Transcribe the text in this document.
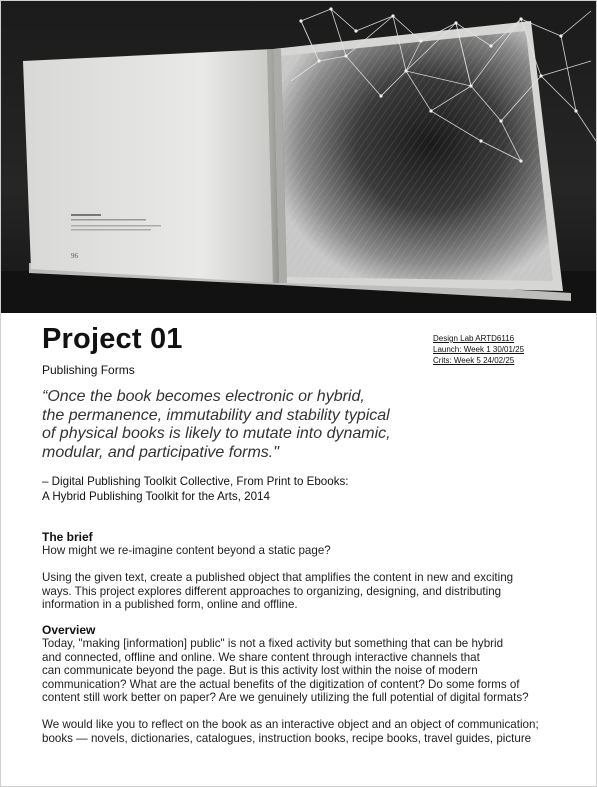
96
Project 01
Publishing Forms
Design Lab ARTD6116
Launch: Week 1 30/01/25
Crits: Week 5 24/02/25
“Once the book becomes electronic or hybrid,
the permanence, immutability and stability typical
of physical books is likely to mutate into dynamic,
modular, and participative forms."
– Digital Publishing Toolkit Collective, From Print to Ebooks:
A Hybrid Publishing Toolkit for the Arts, 2014
The brief
How might we re-imagine content beyond a static page?
Using the given text, create a published object that amplifies the content in new and exciting
ways. This project explores different approaches to organizing, designing, and distributing
information in a published form, online and offline.
Overview
Today, "making [information] public" is not a fixed activity but something that can be hybrid
and connected, offline and online. We share content through interactive channels that
can communicate beyond the page. But is this activity lost within the noise of modern
communication? What are the actual benefits of the digitization of content? Do some forms of
content still work better on paper? Are we genuinely utilizing the full potential of digital formats?
We would like you to reflect on the book as an interactive object and an object of communication;
books — novels, dictionaries, catalogues, instruction books, recipe books, travel guides, picture
